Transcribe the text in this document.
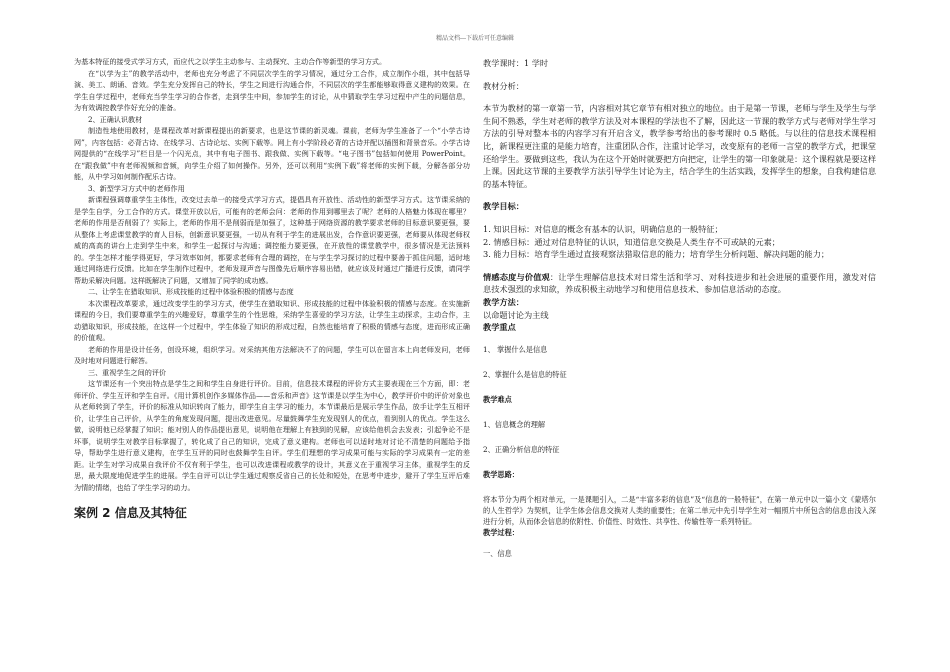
精品文档---下载后可任意编辑

为基本特征的接受式学习方式，而应代之以学生主动参与、主动探究、主动合作等新型的学习方式。

在“以学为主”的教学活动中，老师也充分考虑了不同层次学生的学习情况，通过分工合作，成立制作小组，其中包括导演、美工、朗诵、音效。学生充分发挥自己的特长，学生之间进行沟通合作，不同层次的学生都能够取得意义建构的效果。在学生自学过程中，老师充当学生学习的合作者，走到学生中间，参加学生的讨论，从中猜取学生学习过程中产生的问题信息，为有效调控教学作好充分的准备。

2、正确认识教材

制造性地使用教材，是课程改革对新课程提出的新要求，也是这节课的新灵魂。课前，老师为学生准备了一个“小学古诗网”，内容包括：必背古诗、在线学习、古诗论坛、实例下载等。网上有小学阶段必背的古诗并配以插图和背景音乐。小学古诗网提供的“在线学习”栏目是一个闪光点，其中有电子图书、跟我做、实例下载等。“电子图书”包括如何使用 PowerPoint。在“跟我做”中有老师视频和音频，向学生介绍了如何操作。另外，还可以利用“实例下载”将老师的实例下载，分解各部分功能，从中学习如何制作配乐古诗。

3、新型学习方式中的老师作用

新课程强调尊重学生主体性，改变过去单一的接受式学习方式，提倡具有开放性、活动性的新型学习方式。这节课采纳的是学生自学，分工合作的方式。课堂开放以后，可能有的老师会问：老师的作用到哪里去了呢？老师的人格魅力体现在哪里？老师的作用是否削弱了？实际上，老师的作用不是削弱而是加强了，这种基于网络资源的教学要求老师的目标意识要更强，要从整体上考虑课堂教学的育人目标，创新意识要更强，一切从有利于学生的进展出发，合作意识要更强，老师要从体现老师权威的高高的讲台上走到学生中来，和学生一起探讨与沟通；调控能力要更强，在开放性的课堂教学中，很多情况是无法预料的。学生怎样才能学得更好，学习效率如何，都要求老师有合理的调控，在与学生学习探讨的过程中要善于抓住问题，适时地通过网络进行反馈。比如在学生制作过程中，老师发现声音与图像先后顺序容易出错，就应该及时通过广播进行反馈，请同学帮助采解决问题。这样既解决了问题，又增加了同学的成功感。

二、让学生在猎取知识、形成技能的过程中体验积极的情感与态度

本次课程改革要求，通过改变学生的学习方式，使学生在猎取知识、形成技能的过程中体验积极的情感与态度。在实施新课程的今日，我们要尊重学生的兴趣爱好，尊重学生的个性思维，采纳学生喜爱的学习方法，让学生主动探求，主动合作，主动猎取知识，形成技能，在这样一个过程中，学生体验了知识的形成过程，自然也能培育了积极的情感与态度，进而形成正确的价值观。

老师的作用是设计任务，创设环境，组织学习。对采纳其他方法解决不了的问题，学生可以在留言本上向老师发问，老师及时地对问题进行解答。

三、重视学生之间的评价

这节课还有一个突出特点是学生之间和学生自身进行评价。目前，信息技术课程的评价方式主要表现在三个方面，即：老师评价、学生互评和学生自评。《用计算机创作多媒体作品——音乐和声音》这节课是以学生为中心，教学评价中的评价对象也从老师转到了学生，评价的标准从知识转向了能力，即学生自主学习的能力，本节课最后是展示学生作品，放手让学生互相评价，让学生自己评价，从学生的角度发现问题，提出改进意见。尽量鼓舞学生充发现别人的优点，看到别人的优点。学生这么做，说明他已经掌握了知识；能对别人的作品提出意见，说明他在理解上有独到的见解，应该给他机会去发表；引起争论不是坏事，说明学生对教学目标掌握了，转化成了自己的知识，完成了意义建构。老师也可以适时地对讨论不清楚的问题给予指导，帮助学生进行意义建构，在学生互评的同时也鼓舞学生自评。学生们理想的学习成果可能与实际的学习成果有一定的差距。让学生对学习成果自我评价不仅有利于学生，也可以改进课程或教学的设计，其意义在于重视学习主体，重视学生的反思，最大限度地促进学生的进展。学生自评可以让学生通过观察反省自己的长处和短处，在思考中进步，避开了学生互评后难为情的情绪，也给了学生学习的动力。

案例 2 信息及其特征

教学课时：1 学时

教材分析：

本节为教材的第一章第一节，内容相对其它章节有相对独立的地位。由于是第一节课，老师与学生及学生与学生间不熟悉，学生对老师的教学方法及对本课程的学法也不了解，因此这一节课的教学方式与老师对学生学习方法的引导对整本书的内容学习有开启含义，教学参考给出的参考课时 0.5 略低。与以往的信息技术课程相比，新课程更注重的是能力培育，注重团队合作，注重讨论学习，改变原有的老师一言堂的教学方式，把课堂还给学生。要做到这些，我认为在这个开始时就要把方向把定，让学生的第一印象就是：这个课程就是要这样上课。因此这节课的主要教学方法引导学生讨论为主，结合学生的生活实践，发挥学生的想象，自我构建信息的基本特征。

教学目标：

1. 知识目标：对信息的概念有基本的认识，明确信息的一般特征；

2. 情感目标：通过对信息特征的认识，知道信息交换是人类生存不可或缺的元素；

3. 能力目标：培育学生通过直接观察法猎取信息的能力；培育学生分析问题、解决问题的能力；

情感态度与价值观：让学生理解信息技术对日常生活和学习、对科技进步和社会进展的重要作用，激发对信息技术强烈的求知欲，养成积极主动地学习和使用信息技术、参加信息活动的态度。

教学方法：

以命题讨论为主线

教学重点

1、 掌握什么是信息

2、掌握什么是信息的特征

教学难点

1、信息概念的理解

2、正确分析信息的特征

教学思路：

将本节分为两个相对单元，一是课题引入，二是“丰富多彩的信息”及“信息的一般特征”，在第一单元中以一篇小文《蒙塔尔的人生哲学》为契机，让学生体会信息交换对人类的重要性；在第二单元中先引导学生对一幅照片中所包含的信息由浅入深进行分析，从而体会信息的依附性、价值性、时效性、共享性、传输性等一系列特征。

教学过程：

一、信息
